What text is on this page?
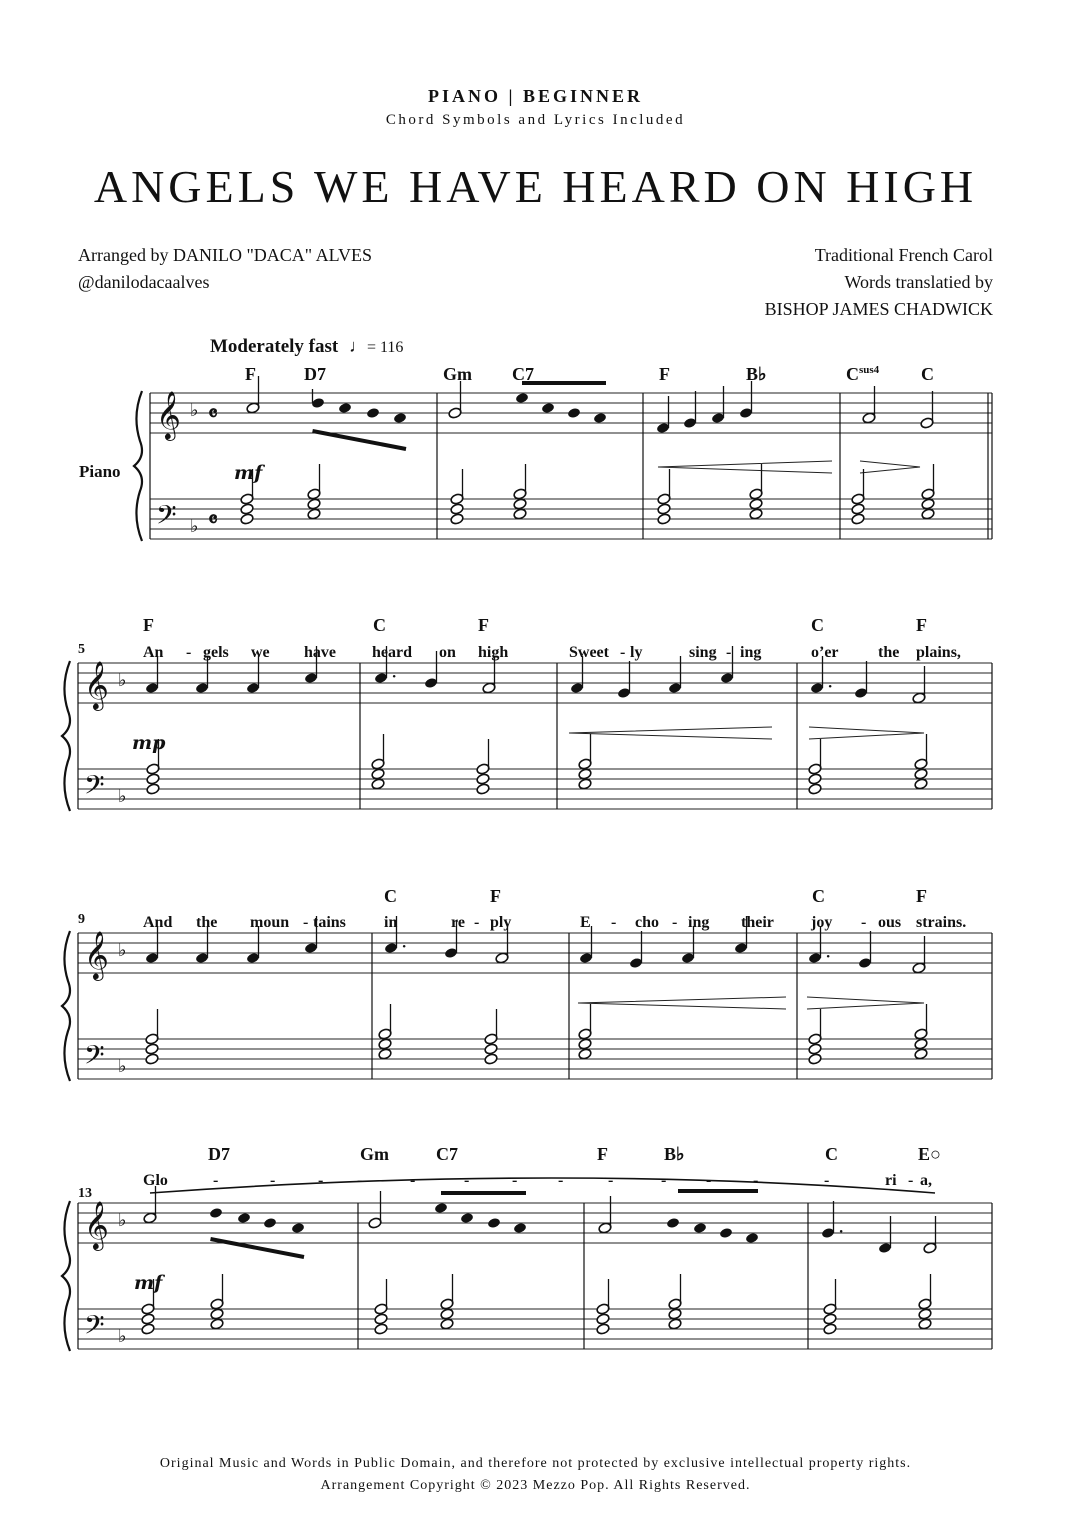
PIANO | BEGINNER
Chord Symbols and Lyrics Included
ANGELS WE HAVE HEARD ON HIGH
Arranged by DANILO "DACA" ALVES
@danilodacaalves
Traditional French Carol
Words translatied by
BISHOP JAMES CHADWICK
Moderately fast ♩= 116
Piano
F	D7	Gm C7	F	B♭	$C^{sus4}$ C
mf
5
F	C	F	C	F
An - gels we have heard on high	Sweet - ly	sing - ing	o’er the plains,
mp
9
C	F	C	F
And the moun - tains in	re - ply	E - cho - ing their joy - ous strains.
13
D7	Gm	C7	F	B♭	C	E○
Glo	-	-	- -	-	-	-	-	-	- -	-	-	ri - a,
mf
𝄞
𝄢
♭
♭
𝄴
𝄴
𝄞
𝄢
♭
♭
𝄞
𝄢
♭
♭
𝄞
𝄢
♭
♭
·	·
·	·
·
Original Music and Words in Public Domain, and therefore not protected by exclusive intellectual property rights.
Arrangement Copyright © 2023 Mezzo Pop. All Rights Reserved.
